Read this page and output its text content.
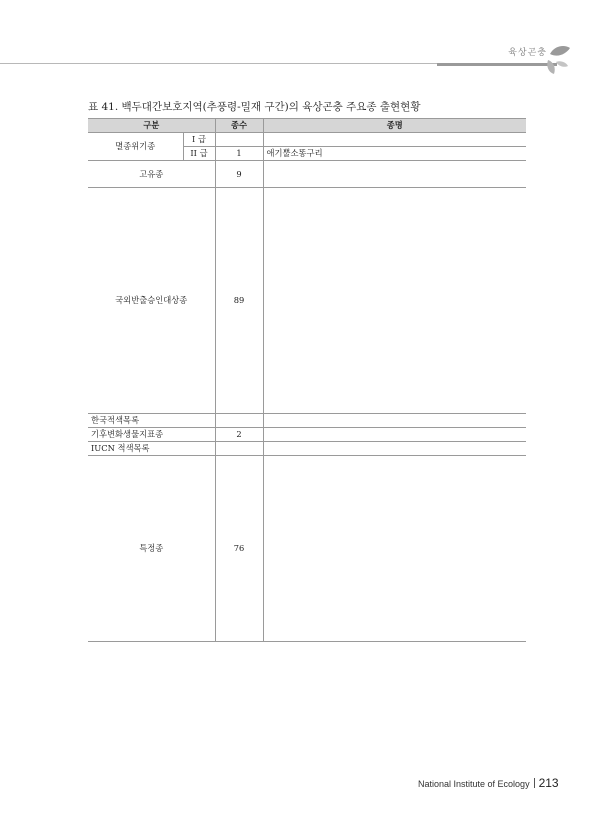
육상곤충
표 41. 백두대간보호지역(추풍령-밀재 구간)의 육상곤충 주요종 출현현황
구분		종수	종명
멸종위기종	I 급		
	II 급	1	애기뿔소똥구리
고유종		9	
국외반출승인대상종		89	
한국적색목록			
기후변화생물지표종		2	
IUCN 적색목록			
특정종		76	
National Institute of Ecology 213
